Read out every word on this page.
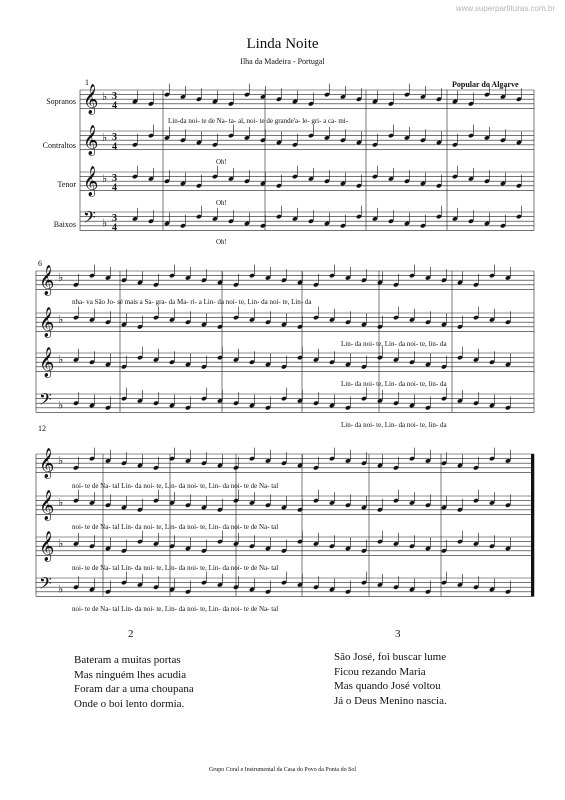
www.superpartituras.com.br
Linda Noite
Ilha da Madeira - Portugal
Popular do Algarve
Sopranos
Contraltos
Tenor
Baixos
1
6
12
𝄞 ♭ 3
4
𝄞 ♭ 3
4
𝄞 ♭ 3
4
𝄢 ♭ 3
4
𝄞 ♭
𝄞 ♭
𝄞 ♭
𝄢 ♭
𝄞 ♭
𝄞 ♭
𝄞 ♭
𝄢 ♭
Lin-da noi- te de Na- ta- al, noi- te de grande'a- le- gri- a ca- mi-
Oh!
Oh!
Oh!
nha- va São Jo- sé mais a Sa- gra- da Ma- ri- a Lin- da noi- te, Lin- da noi- te, Lin- da
Lin- da noi- te, Lin- da noi- te, lin- da
Lin- da noi- te, Lin- da noi- te, lin- da
Lin- da noi- te, Lin- da noi- te, lin- da
noi- te de Na- tal Lin- da noi- te, Lin- da noi- te, Lin- da noi- te de Na- tal
noi- te de Na- tal Lin- da noi- te, Lin- da noi- te, Lin- da noi- te de Na- tal
noi- te de Na- tal Lin- da noi- te, Lin- da noi- te, Lin- da noi- te de Na- tal
noi- te de Na- tal Lin- da noi- te, Lin- da noi- te, Lin- da noi- te de Na- tal
2
Bateram a muitas portas
Mas ninguém lhes acudia
Foram dar a uma choupana
Onde o boi lento dormia.
3
São José, foi buscar lume
Ficou rezando Maria
Mas quando José voltou
Já o Deus Menino nascia.
Grupo Coral e Instrumental da Casa do Povo da Ponta do Sol
